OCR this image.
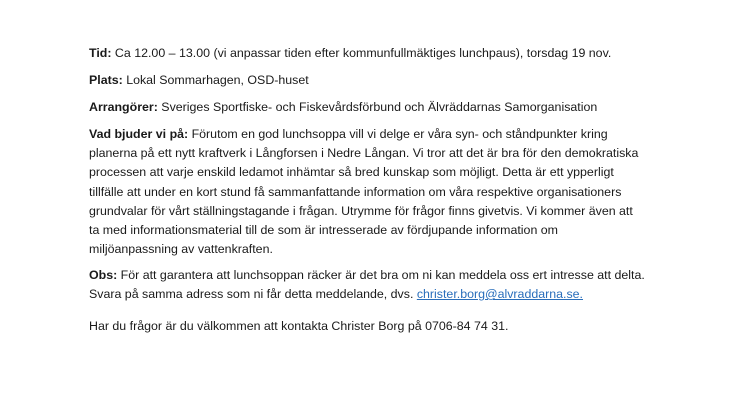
Tid: Ca 12.00 – 13.00 (vi anpassar tiden efter kommunfullmäktiges lunchpaus), torsdag 19 nov.

Plats: Lokal Sommarhagen, OSD-huset

Arrangörer: Sveriges Sportfiske- och Fiskevårdsförbund och Älvräddarnas Samorganisation

Vad bjuder vi på: Förutom en god lunchsoppa vill vi delge er våra syn- och ståndpunkter kring
planerna på ett nytt kraftverk i Långforsen i Nedre Långan. Vi tror att det är bra för den demokratiska
processen att varje enskild ledamot inhämtar så bred kunskap som möjligt. Detta är ett ypperligt
tillfälle att under en kort stund få sammanfattande information om våra respektive organisationers
grundvalar för vårt ställningstagande i frågan. Utrymme för frågor finns givetvis. Vi kommer även att
ta med informationsmaterial till de som är intresserade av fördjupande information om
miljöanpassning av vattenkraften.
Obs: För att garantera att lunchsoppan räcker är det bra om ni kan meddela oss ert intresse att delta.
Svara på samma adress som ni får detta meddelande, dvs. christer.borg@alvraddarna.se.

Har du frågor är du välkommen att kontakta Christer Borg på 0706-84 74 31.
